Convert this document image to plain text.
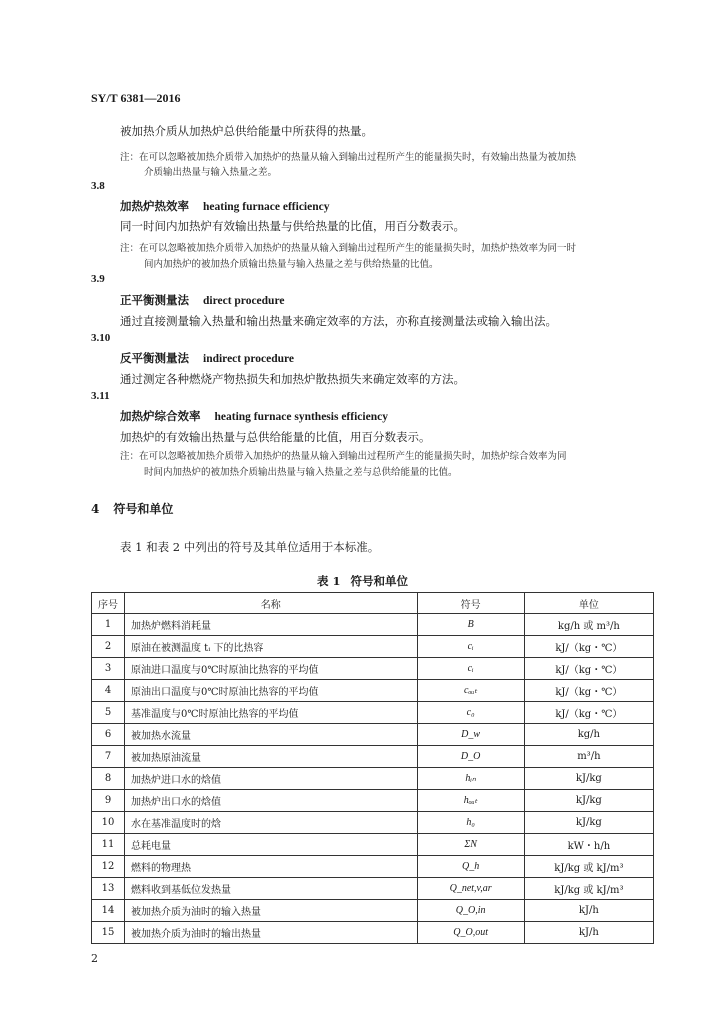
SY/T 6381—2016
被加热介质从加热炉总供给能量中所获得的热量。
注：在可以忽略被加热介质带入加热炉的热量从输入到输出过程所产生的能量损失时，有效输出热量为被加热
介质输出热量与输入热量之差。
3.8
加热炉热效率 heating furnace efficiency
同一时间内加热炉有效输出热量与供给热量的比值，用百分数表示。
注：在可以忽略被加热介质带入加热炉的热量从输入到输出过程所产生的能量损失时，加热炉热效率为同一时
间内加热炉的被加热介质输出热量与输入热量之差与供给热量的比值。
3.9
正平衡测量法 direct procedure
通过直接测量输入热量和输出热量来确定效率的方法，亦称直接测量法或输入输出法。
3.10
反平衡测量法 indirect procedure
通过测定各种燃烧产物热损失和加热炉散热损失来确定效率的方法。
3.11
加热炉综合效率 heating furnace synthesis efficiency
加热炉的有效输出热量与总供给能量的比值，用百分数表示。
注：在可以忽略被加热介质带入加热炉的热量从输入到输出过程所产生的能量损失时，加热炉综合效率为同
时间内加热炉的被加热介质输出热量与输入热量之差与总供给能量的比值。
4 符号和单位
表 1 和表 2 中列出的符号及其单位适用于本标准。
表 1 符号和单位
序号	名称	符号	单位
1	加热炉燃料消耗量	B	kg/h 或 m³/h
2	原油在被测温度 tᵢ 下的比热容	cᵢ	kJ/（kg・℃）
3	原油进口温度与0℃时原油比热容的平均值	cᵢ	kJ/（kg・℃）
4	原油出口温度与0℃时原油比热容的平均值	cₒᵤₜ	kJ/（kg・℃）
5	基准温度与0℃时原油比热容的平均值	c₀	kJ/（kg・℃）
6	被加热水流量	D_w	kg/h
7	被加热原油流量	D_O	m³/h
8	加热炉进口水的焓值	hᵢₙ	kJ/kg
9	加热炉出口水的焓值	hₒᵤₜ	kJ/kg
10	水在基准温度时的焓	h₀	kJ/kg
11	总耗电量	ΣN	kW・h/h
12	燃料的物理热	Q_h	kJ/kg 或 kJ/m³
13	燃料收到基低位发热量	Q_net,v,ar	kJ/kg 或 kJ/m³
14	被加热介质为油时的输入热量	Q_O,in	kJ/h
15	被加热介质为油时的输出热量	Q_O,out	kJ/h
2
